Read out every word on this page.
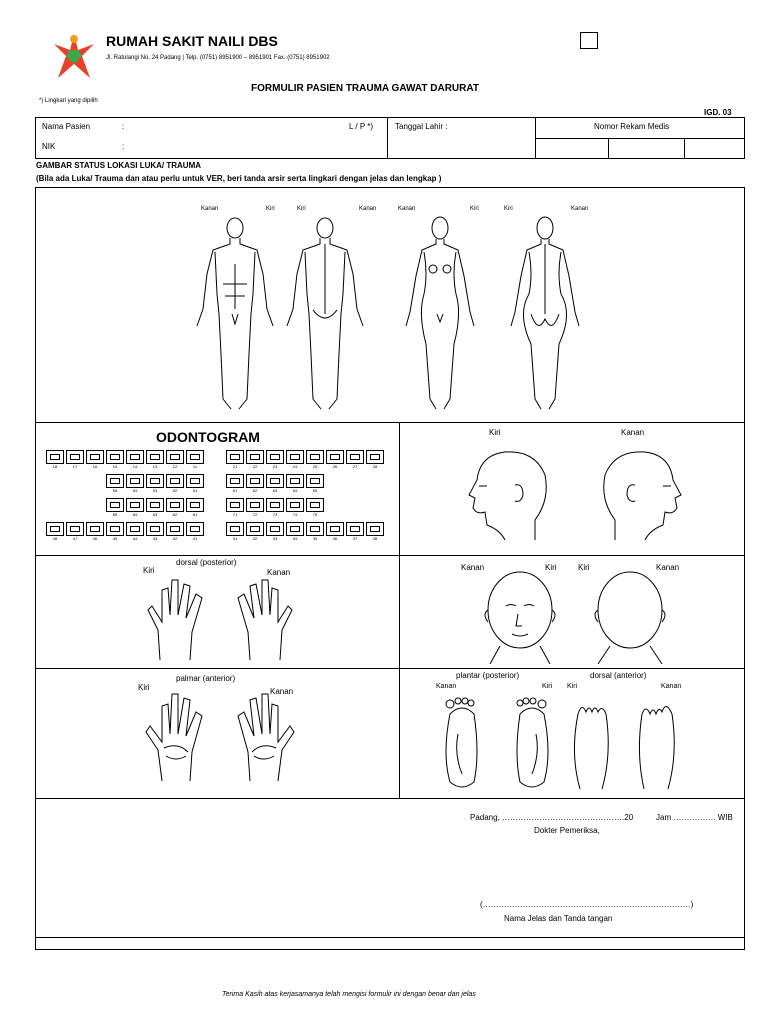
RUMAH SAKIT NAILI DBS
Jl. Ratulangi No. 24 Padang | Telp. (0751) 8951900 – 8951901 Fax. (0751) 8951902
FORMULIR PASIEN TRAUMA GAWAT DARURAT
*) Lingkari yang dipilih
IGD. 03
Nama Pasien	:	L / P *)	Tanggal Lahir :	Nomor Rekam Medis
NIK	:
GAMBAR STATUS LOKASI LUKA/ TRAUMA
(Bila ada Luka/ Trauma dan atau perlu untuk VER, beri tanda arsir serta lingkari dengan jelas dan lengkap )
Kanan	Kiri	Kiri	Kanan	Kanan	Kiri	Kiri	Kanan
ODONTOGRAM
18	17	16	15	14	13	12	11	21	22	23	24	25	26	27	28
55	54	53	52	51	61	62	63	64	65
85	84	83	82	81	71	72	73	74	75
48	47	46	45	44	43	42	41	31	32	33	34	35	36	37	38
Kiri	Kanan
dorsal (posterior)
Kiri	Kanan
Kanan	Kiri	Kiri	Kanan
palmar (anterior)
Kiri	Kanan
plantar (posterior)	dorsal (anterior)
Kanan	Kiri Kiri	Kanan
Padang, ……………………………………….20	Jam ……………. WIB
Dokter Pemeriksa,
(……………………………………………………………………)
Nama Jelas dan Tanda tangan
Terima Kasih atas kerjasamanya telah mengisi formulir ini dengan benar dan jelas
